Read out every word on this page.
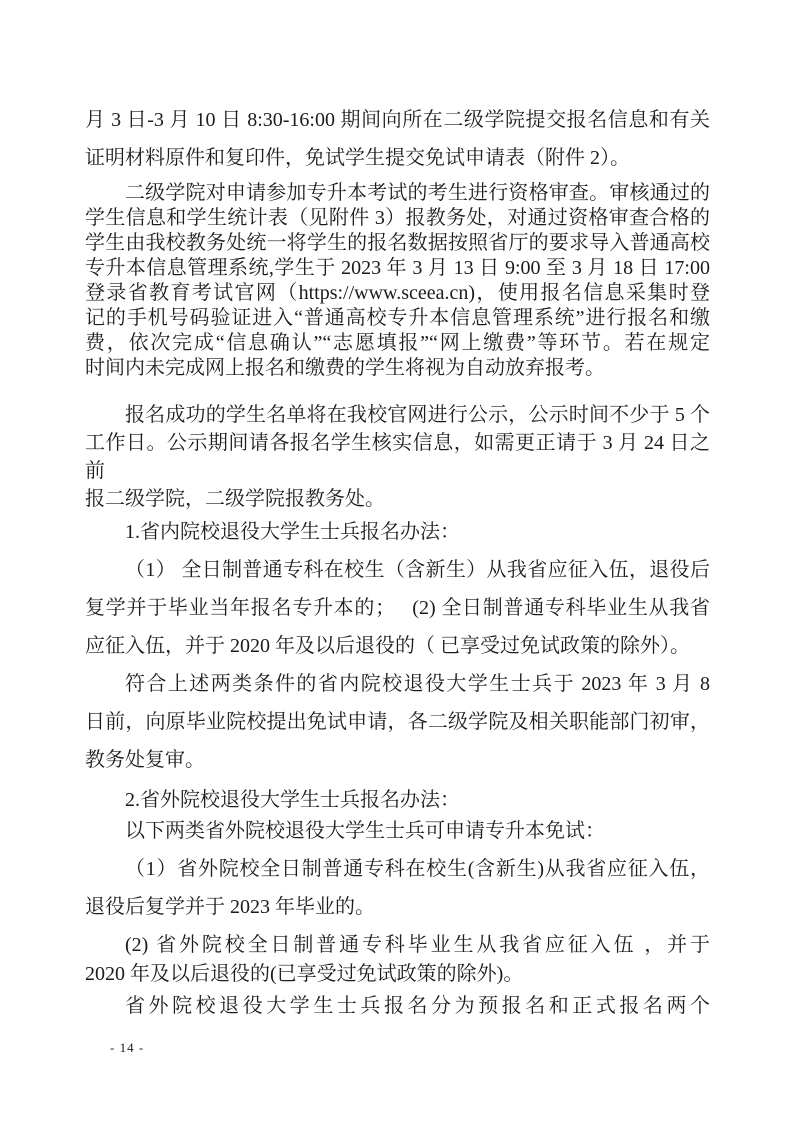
月 3 日-3 月 10 日 8:30-16:00 期间向所在二级学院提交报名信息和有关
证明材料原件和复印件，免试学生提交免试申请表（附件 2）。
二级学院对申请参加专升本考试的考生进行资格审查。审核通过的
学生信息和学生统计表（见附件 3）报教务处，对通过资格审查合格的
学生由我校教务处统一将学生的报名数据按照省厅的要求导入普通高校
专升本信息管理系统,学生于 2023 年 3 月 13 日 9:00 至 3 月 18 日 17:00
登录省教育考试官网（https://www.sceea.cn)，使用报名信息采集时登
记的手机号码验证进入“普通高校专升本信息管理系统”进行报名和缴
费，依次完成“信息确认”“志愿填报”“网上缴费”等环节。若在规定
时间内未完成网上报名和缴费的学生将视为自动放弃报考。
报名成功的学生名单将在我校官网进行公示，公示时间不少于 5 个
工作日。公示期间请各报名学生核实信息，如需更正请于 3 月 24 日之前
报二级学院，二级学院报教务处。
1.省内院校退役大学生士兵报名办法：
（1） 全日制普通专科在校生（含新生）从我省应征入伍，退役后
复学并于毕业当年报名专升本的；　 (2) 全日制普通专科毕业生从我省
应征入伍，并于 2020 年及以后退役的（ 已享受过免试政策的除外）。
符合上述两类条件的省内院校退役大学生士兵于 2023 年 3 月 8
日前，向原毕业院校提出免试申请，各二级学院及相关职能部门初审，
教务处复审。
2.省外院校退役大学生士兵报名办法：
以下两类省外院校退役大学生士兵可申请专升本免试：
（1）省外院校全日制普通专科在校生(含新生)从我省应征入伍，
退役后复学并于 2023 年毕业的。
(2) 省外院校全日制普通专科毕业生从我省应征入伍 ，并于
2020 年及以后退役的(已享受过免试政策的除外)。
省外院校退役大学生士兵报名分为预报名和正式报名两个
- 14 -
